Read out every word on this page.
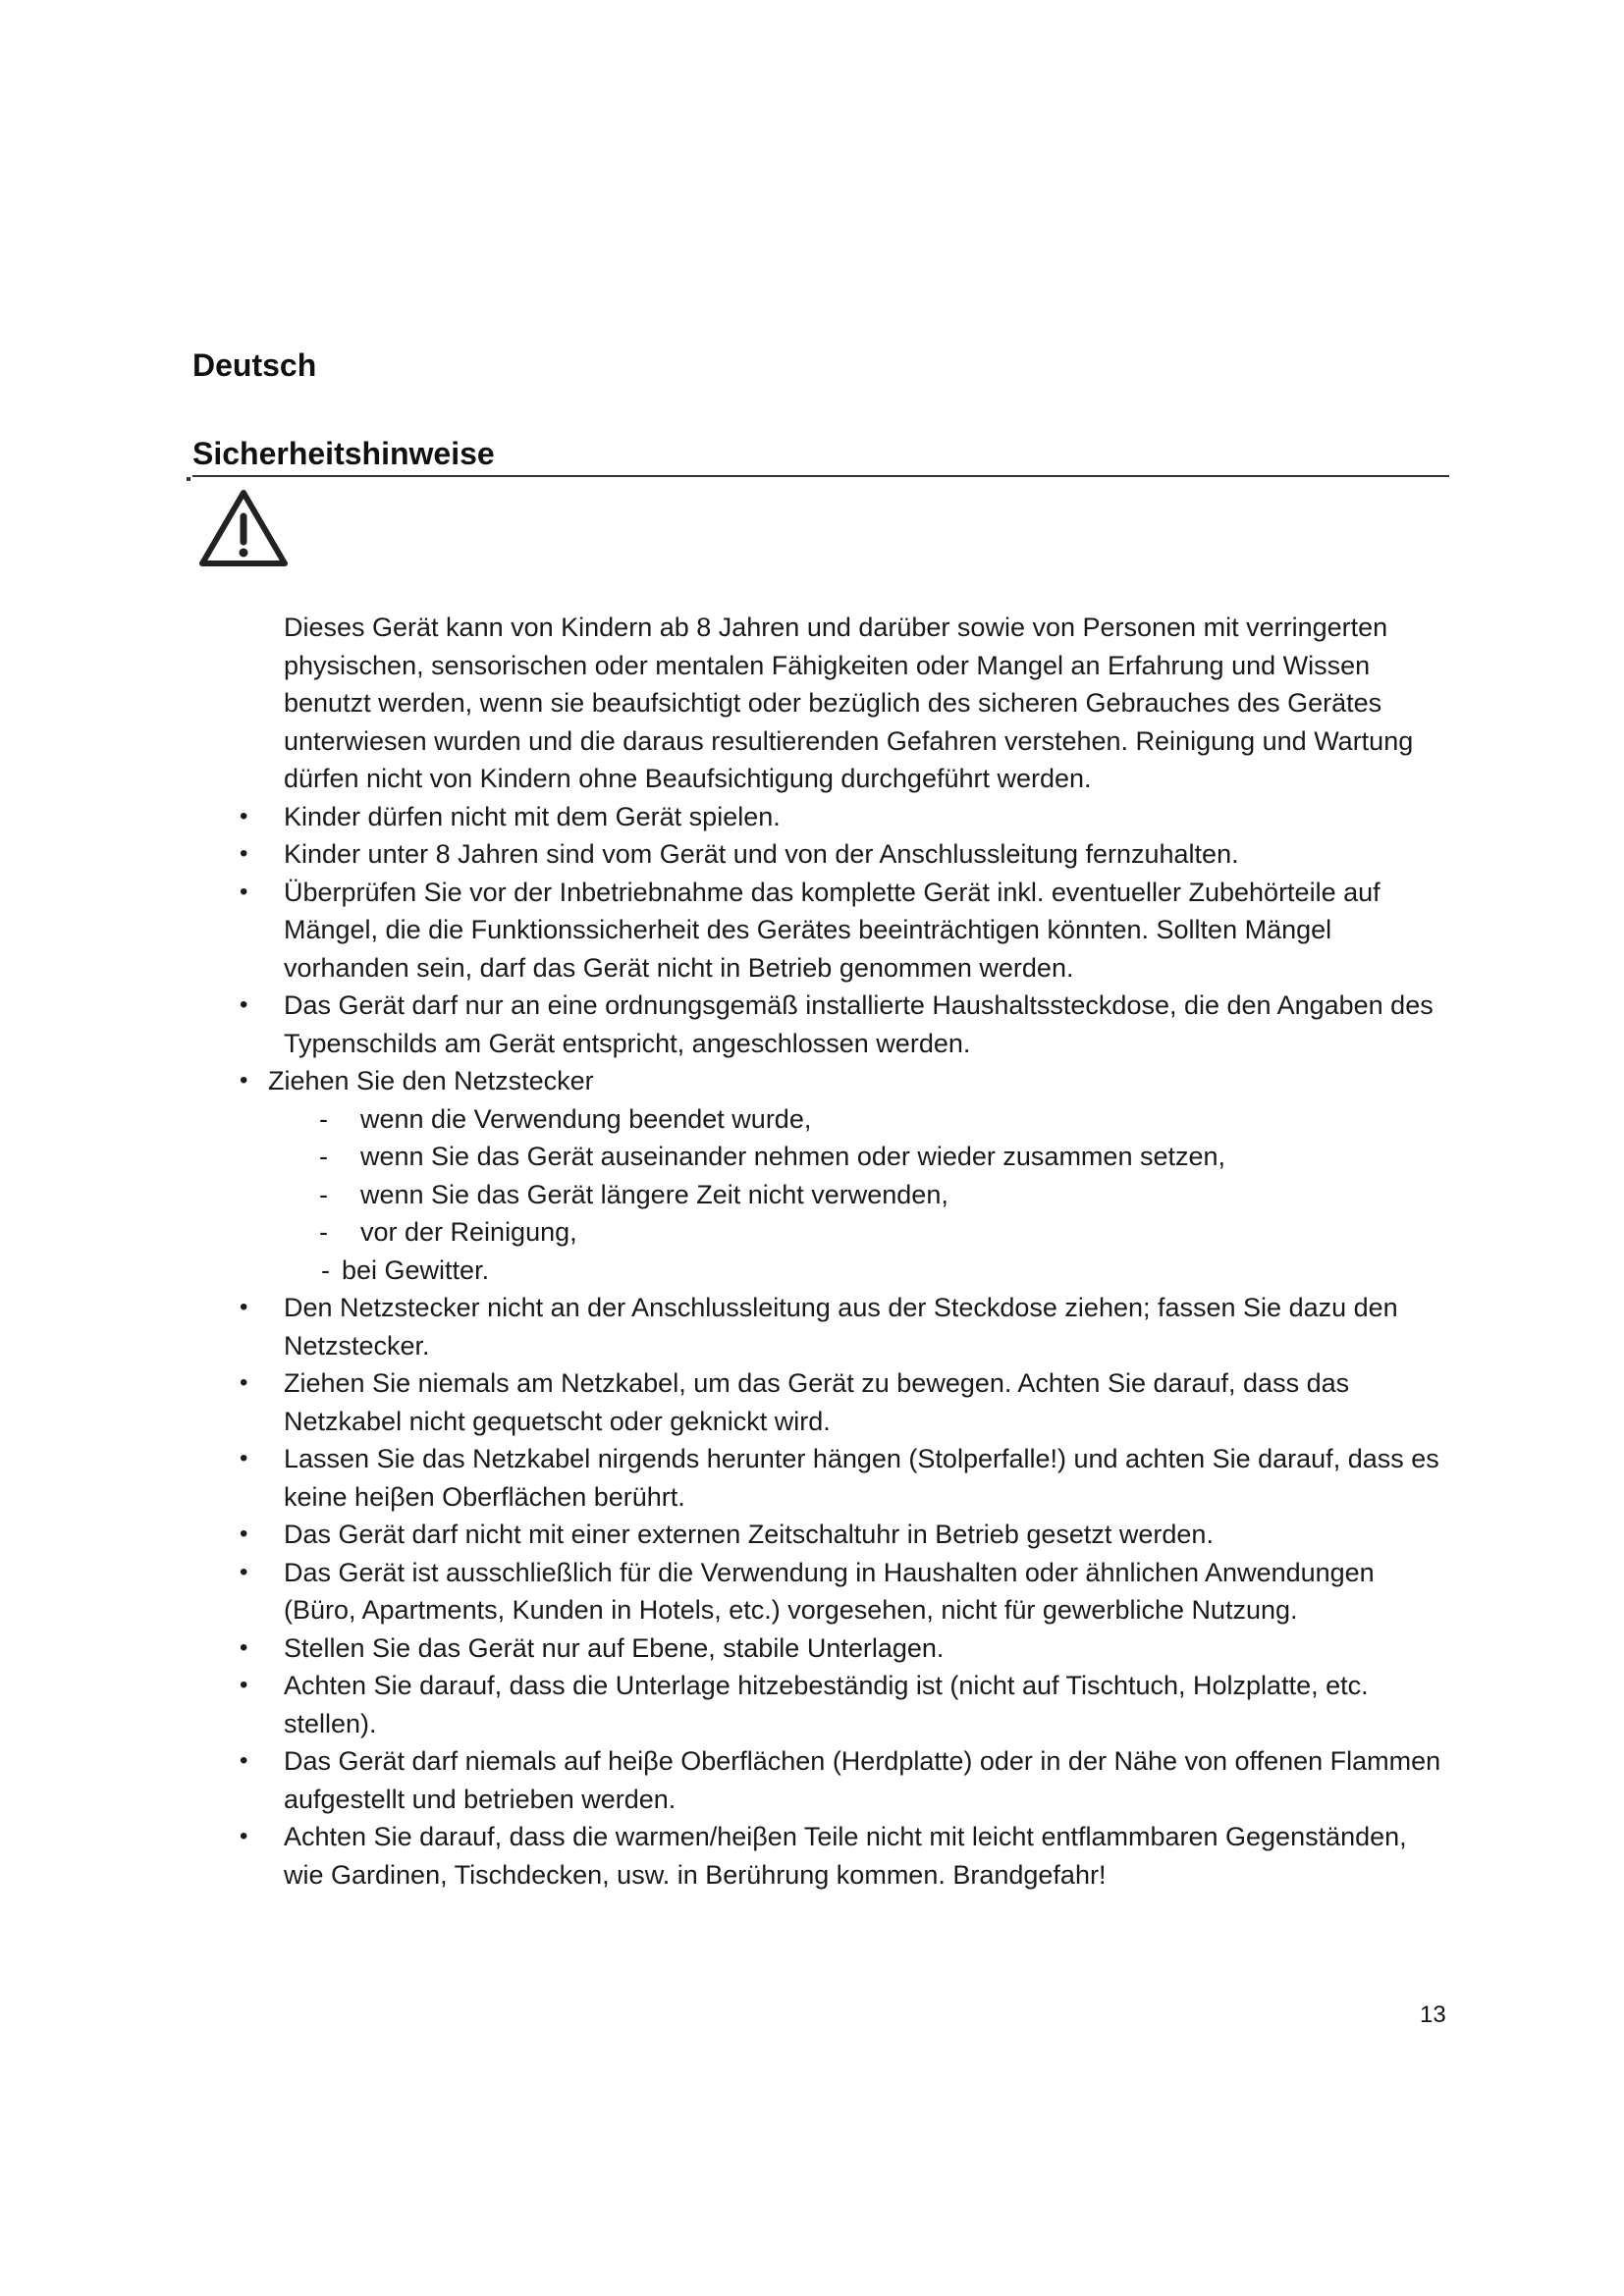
Deutsch
Sicherheitshinweise

Dieses Gerät kann von Kindern ab 8 Jahren und darüber sowie von Personen mit verringerten physischen, sensorischen oder mentalen Fähigkeiten oder Mangel an Erfahrung und Wissen benutzt werden, wenn sie beaufsichtigt oder bezüglich des sicheren Gebrauches des Gerätes unterwiesen wurden und die daraus resultierenden Gefahren verstehen. Reinigung und Wartung dürfen nicht von Kindern ohne Beaufsichtigung durchgeführt werden.

• Kinder dürfen nicht mit dem Gerät spielen.
• Kinder unter 8 Jahren sind vom Gerät und von der Anschlussleitung fernzuhalten.
• Überprüfen Sie vor der Inbetriebnahme das komplette Gerät inkl. eventueller Zubehörteile auf Mängel, die die Funktionssicherheit des Gerätes beeinträchtigen könnten. Sollten Mängel vorhanden sein, darf das Gerät nicht in Betrieb genommen werden.
• Das Gerät darf nur an eine ordnungsgemäß installierte Haushaltssteckdose, die den Angaben des Typenschilds am Gerät entspricht, angeschlossen werden.
• Ziehen Sie den Netzstecker
- wenn die Verwendung beendet wurde,
- wenn Sie das Gerät auseinander nehmen oder wieder zusammen setzen,
- wenn Sie das Gerät längere Zeit nicht verwenden,
- vor der Reinigung,
- bei Gewitter.
• Den Netzstecker nicht an der Anschlussleitung aus der Steckdose ziehen; fassen Sie dazu den Netzstecker.
• Ziehen Sie niemals am Netzkabel, um das Gerät zu bewegen. Achten Sie darauf, dass das Netzkabel nicht gequetscht oder geknickt wird.
• Lassen Sie das Netzkabel nirgends herunter hängen (Stolperfalle!) und achten Sie darauf, dass es keine heiβen Oberflächen berührt.
• Das Gerät darf nicht mit einer externen Zeitschaltuhr in Betrieb gesetzt werden.
• Das Gerät ist ausschließlich für die Verwendung in Haushalten oder ähnlichen Anwendungen (Büro, Apartments, Kunden in Hotels, etc.) vorgesehen, nicht für gewerbliche Nutzung.
• Stellen Sie das Gerät nur auf Ebene, stabile Unterlagen.
• Achten Sie darauf, dass die Unterlage hitzebeständig ist (nicht auf Tischtuch, Holzplatte, etc. stellen).
• Das Gerät darf niemals auf heiβe Oberflächen (Herdplatte) oder in der Nähe von offenen Flammen aufgestellt und betrieben werden.
• Achten Sie darauf, dass die warmen/heiβen Teile nicht mit leicht entflammbaren Gegenständen, wie Gardinen, Tischdecken, usw. in Berührung kommen. Brandgefahr!
13
